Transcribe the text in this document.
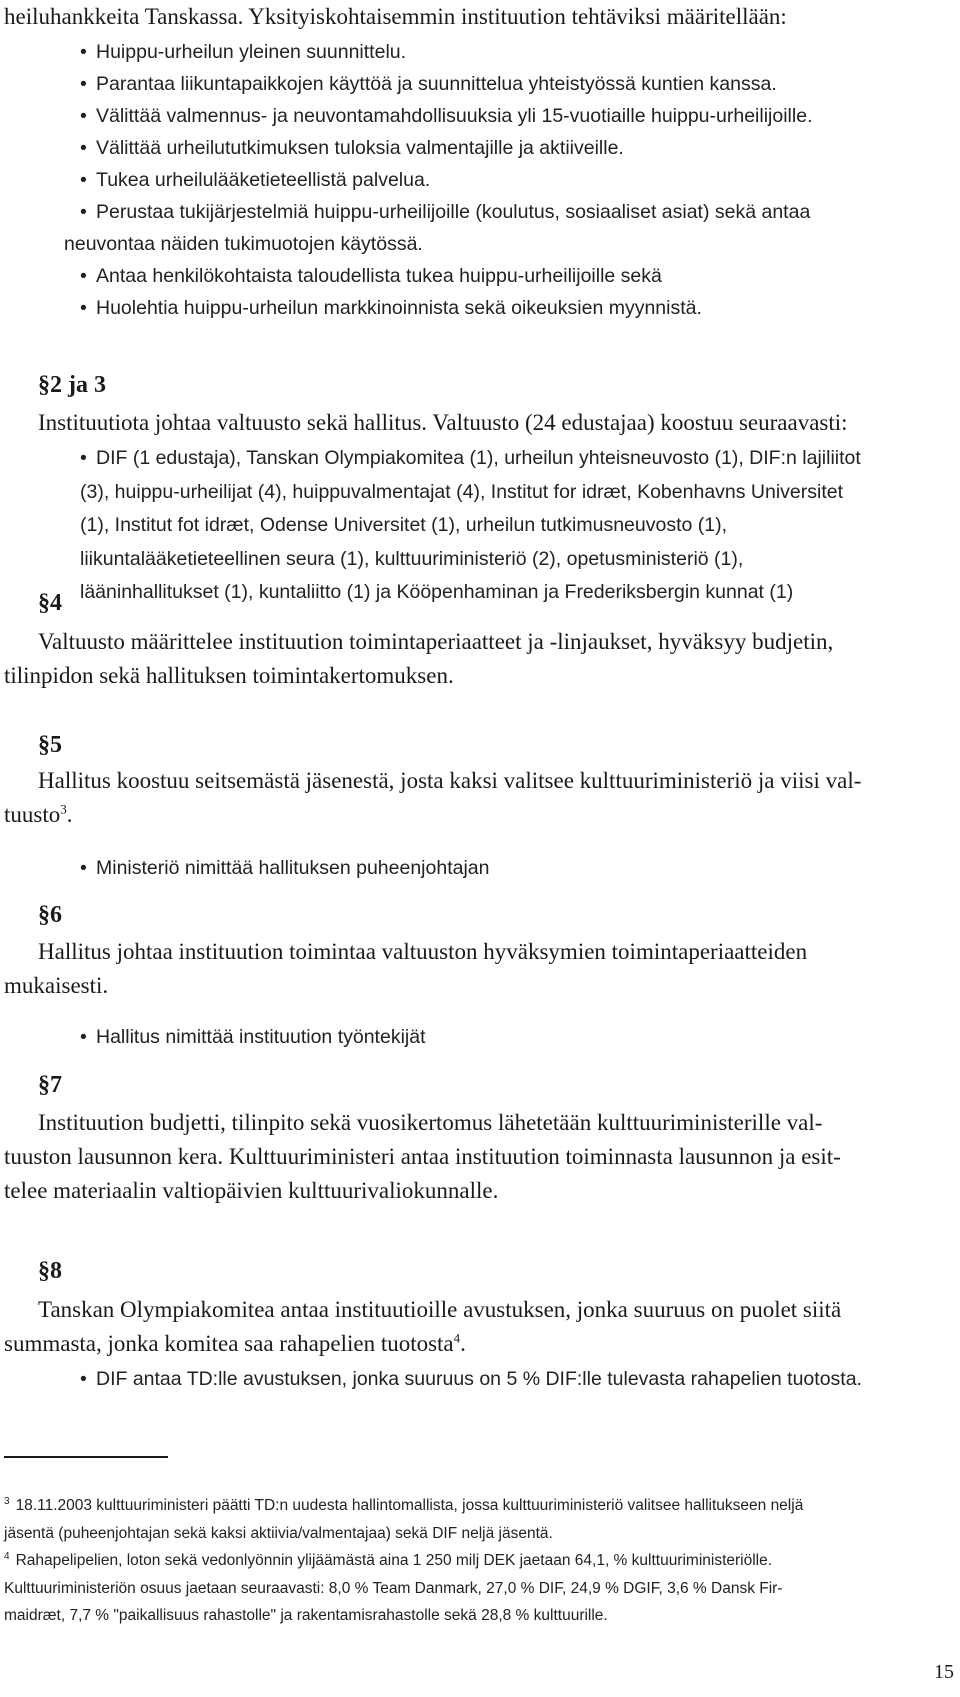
heiluhankkeita Tanskassa. Yksityiskohtaisemmin instituution tehtäviksi määritellään:

• Huippu-urheilun yleinen suunnittelu.
• Parantaa liikuntapaikkojen käyttöä ja suunnittelua yhteistyössä kuntien kanssa.
• Välittää valmennus- ja neuvontamahdollisuuksia yli 15-vuotiaille huippu-urheilijoille.
• Välittää urheilututkimuksen tuloksia valmentajille ja aktiiveille.
• Tukea urheilulääketieteellistä palvelua.
• Perustaa tukijärjestelmiä huippu-urheilijoille (koulutus, sosiaaliset asiat) sekä antaa
neuvontaa näiden tukimuotojen käytössä.
• Antaa henkilökohtaista taloudellista tukea huippu-urheilijoille sekä
• Huolehtia huippu-urheilun markkinoinnista sekä oikeuksien myynnistä.
§2 ja 3

Instituutiota johtaa valtuusto sekä hallitus. Valtuusto (24 edustajaa) koostuu seuraavasti:

• DIF (1 edustaja), Tanskan Olympiakomitea (1), urheilun yhteisneuvosto (1), DIF:n lajiliitot
(3), huippu-urheilijat (4), huippuvalmentajat (4), Institut for idræt, Kobenhavns Universitet
(1), Institut fot idræt, Odense Universitet (1), urheilun tutkimusneuvosto (1),
liikuntalääketieteellinen seura (1), kulttuuriministeriö (2), opetusministeriö (1),
lääninhallitukset (1), kuntaliitto (1) ja Kööpenhaminan ja Frederiksbergin kunnat (1)
§4

Valtuusto määrittelee instituution toimintaperiaatteet ja -linjaukset, hyväksyy budjetin,
tilinpidon sekä hallituksen toimintakertomuksen.

§5

Hallitus koostuu seitsemästä jäsenestä, josta kaksi valitsee kulttuuriministeriö ja viisi val-
tuusto$^3$.

• Ministeriö nimittää hallituksen puheenjohtajan
§6

Hallitus johtaa instituution toimintaa valtuuston hyväksymien toimintaperiaatteiden
mukaisesti.

• Hallitus nimittää instituution työntekijät
§7

Instituution budjetti, tilinpito sekä vuosikertomus lähetetään kulttuuriministerille val-
tuuston lausunnon kera. Kulttuuriministeri antaa instituution toiminnasta lausunnon ja esit-
telee materiaalin valtiopäivien kulttuurivaliokunnalle.

§8

Tanskan Olympiakomitea antaa instituutioille avustuksen, jonka suuruus on puolet siitä
summasta, jonka komitea saa rahapelien tuotosta$^4$.

• DIF antaa TD:lle avustuksen, jonka suuruus on 5 % DIF:lle tulevasta rahapelien tuotosta.

$^3$ 18.11.2003 kulttuuriministeri päätti TD:n uudesta hallintomallista, jossa kulttuuriministeriö valitsee hallitukseen neljä
jäsentä (puheenjohtajan sekä kaksi aktiivia/valmentajaa) sekä DIF neljä jäsentä.
$^4$ Rahapelipelien, loton sekä vedonlyönnin ylijäämästä aina 1 250 milj DEK jaetaan 64,1, % kulttuuriministeriölle.
Kulttuuriministeriön osuus jaetaan seuraavasti: 8,0 % Team Danmark, 27,0 % DIF, 24,9 % DGIF, 3,6 % Dansk Fir-
maidræt, 7,7 % "paikallisuus rahastolle" ja rakentamisrahastolle sekä 28,8 % kulttuurille.

15
